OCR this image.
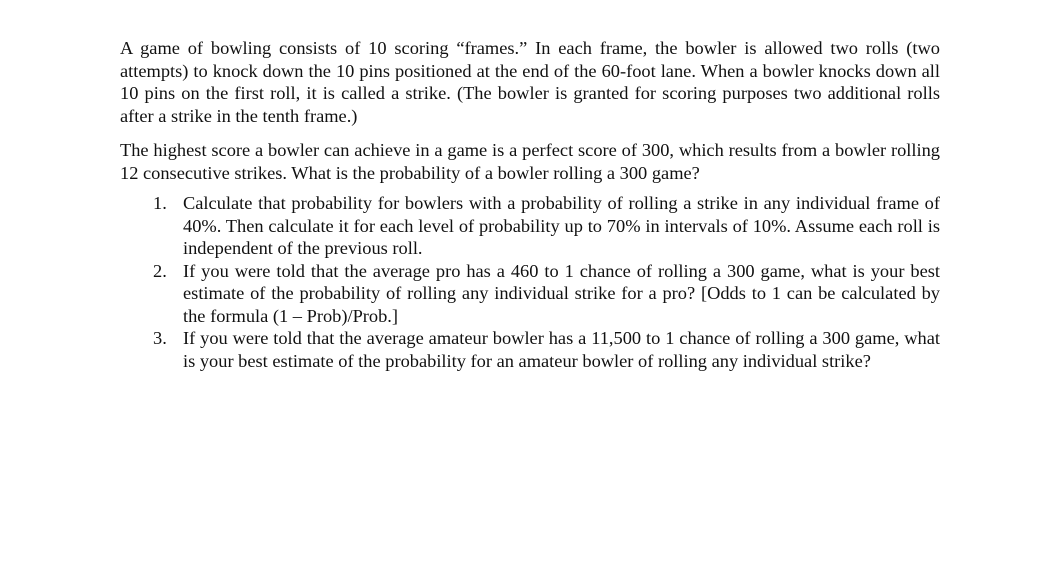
A game of bowling consists of 10 scoring “frames.” In each frame, the bowler is allowed two rolls (two attempts) to knock down the 10 pins positioned at the end of the 60-foot lane. When a bowler knocks down all 10 pins on the first roll, it is called a strike. (The bowler is granted for scoring purposes two additional rolls after a strike in the tenth frame.)

The highest score a bowler can achieve in a game is a perfect score of 300, which results from a bowler rolling 12 consecutive strikes. What is the probability of a bowler rolling a 300 game?

1. Calculate that probability for bowlers with a probability of rolling a strike in any individual frame of 40%. Then calculate it for each level of probability up to 70% in intervals of 10%. Assume each roll is independent of the previous roll.
2. If you were told that the average pro has a 460 to 1 chance of rolling a 300 game, what is your best estimate of the probability of rolling any individual strike for a pro? [Odds to 1 can be calculated by the formula (1 – Prob)/Prob.]
3. If you were told that the average amateur bowler has a 11,500 to 1 chance of rolling a 300 game, what is your best estimate of the probability for an amateur bowler of rolling any individual strike?
